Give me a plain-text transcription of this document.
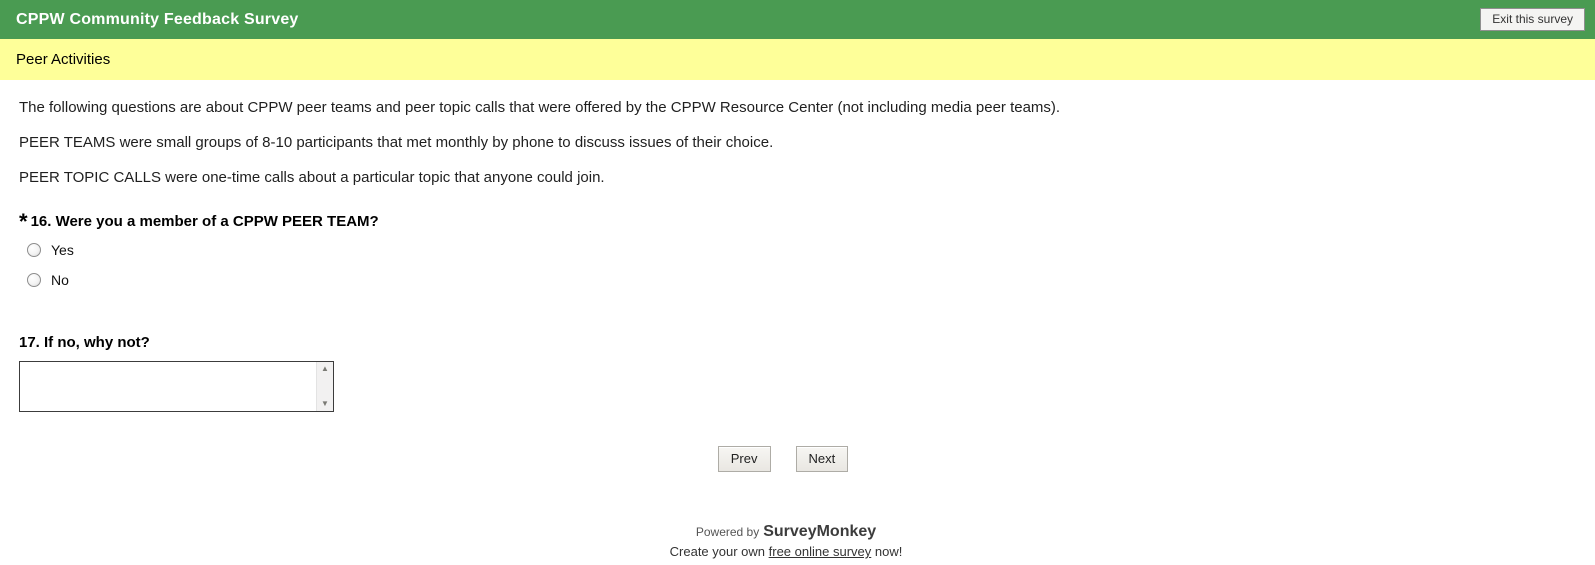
CPPW Community Feedback Survey	Exit this survey
Peer Activities

The following questions are about CPPW peer teams and peer topic calls that were offered by the CPPW Resource Center (not including media peer teams).

PEER TEAMS were small groups of 8-10 participants that met monthly by phone to discuss issues of their choice.

PEER TOPIC CALLS were one-time calls about a particular topic that anyone could join.

* 16. Were you a member of a CPPW PEER TEAM?
Yes
No
17. If no, why not?
▲
▼
Prev	Next
Powered by SurveyMonkey
Create your own free online survey now!
